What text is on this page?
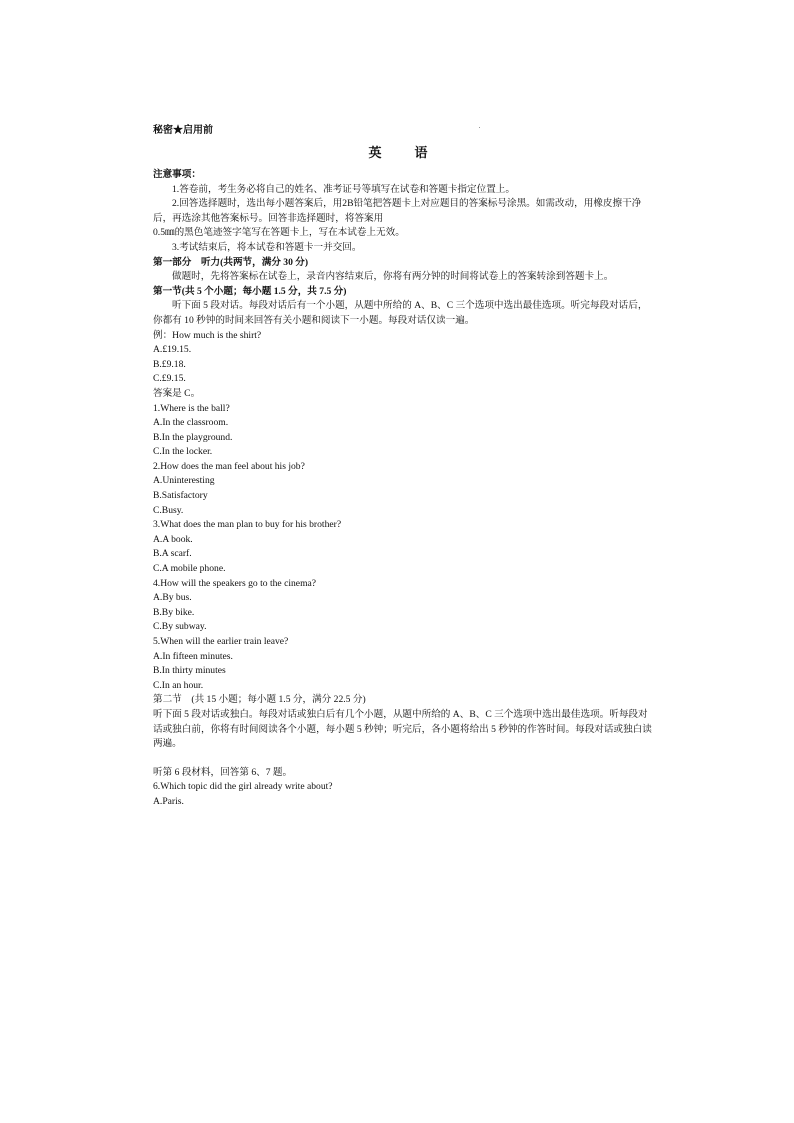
秘密★启用前
英　语

注意事项：

1.答卷前，考生务必将自己的姓名、准考证号等填写在试卷和答题卡指定位置上。

2.回答选择题时，选出每小题答案后，用2B铅笔把答题卡上对应题目的答案标号涂黑。如需改动，用橡皮擦干净后，再选涂其他答案标号。回答非选择题时，将答案用

0.5㎜的黑色笔迹签字笔写在答题卡上，写在本试卷上无效。

3.考试结束后，将本试卷和答题卡一并交回。

第一部分　听力(共两节，满分 30 分)

做题时，先将答案标在试卷上，录音内容结束后，你将有两分钟的时间将试卷上的答案转涂到答题卡上。

第一节(共 5 个小题；每小题 1.5 分，共 7.5 分)

听下面 5 段对话。每段对话后有一个小题，从题中所给的 A、B、C 三个选项中选出最佳选项。听完每段对话后，你都有 10 秒钟的时间来回答有关小题和阅读下一小题。每段对话仅读一遍。

例：How much is the shirt?

A.£19.15.

B.£9.18.

C.£9.15.

答案是 C。

1.Where is the ball?

A.In the classroom.

B.In the playground.

C.In the locker.

2.How does the man feel about his job?

A.Uninteresting

B.Satisfactory

C.Busy.

3.What does the man plan to buy for his brother?

A.A book.

B.A scarf.

C.A mobile phone.

4.How will the speakers go to the cinema?

A.By bus.

B.By bike.

C.By subway.

5.When will the earlier train leave?

A.In fifteen minutes.

B.In thirty minutes

C.In an hour.

第二节　(共 15 小题；每小题 1.5 分，满分 22.5 分)

听下面 5 段对话或独白。每段对话或独白后有几个小题，从题中所给的 A、B、C 三个选项中选出最佳选项。听每段对话或独白前，你将有时间阅读各个小题，每小题 5 秒钟；听完后，各小题将给出 5 秒钟的作答时间。每段对话或独白读两遍。

听第 6 段材料，回答第 6、7 题。

6.Which topic did the girl already write about?

A.Paris.
